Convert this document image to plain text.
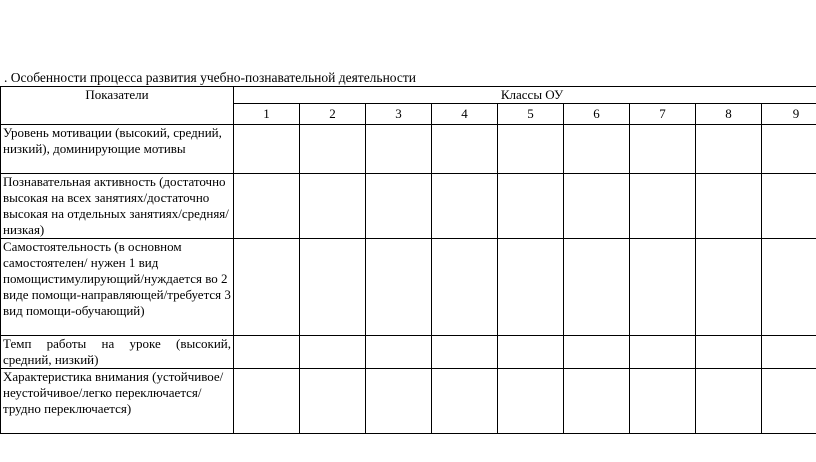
. Особенности процесса развития учебно-познавательной деятельности
Показатели	Классы ОУ								
	1	2	3	4	5	6	7	8	9
Уровень мотивации (высокий, средний, низкий), доминирующие мотивы									
Познавательная активность (достаточно высокая на всех занятиях/достаточно высокая на отдельных занятиях/средняя/низкая)									
Самостоятельность (в основном самостоятелен/ нужен 1 вид помощистимулирующий/нуждается во 2 виде помощи-направляющей/требуется 3 вид помощи-обучающий)									
Темп работы на уроке (высокий, средний, низкий)									
Характеристика внимания (устойчивое/неустойчивое/легко переключается/трудно переключается)									
